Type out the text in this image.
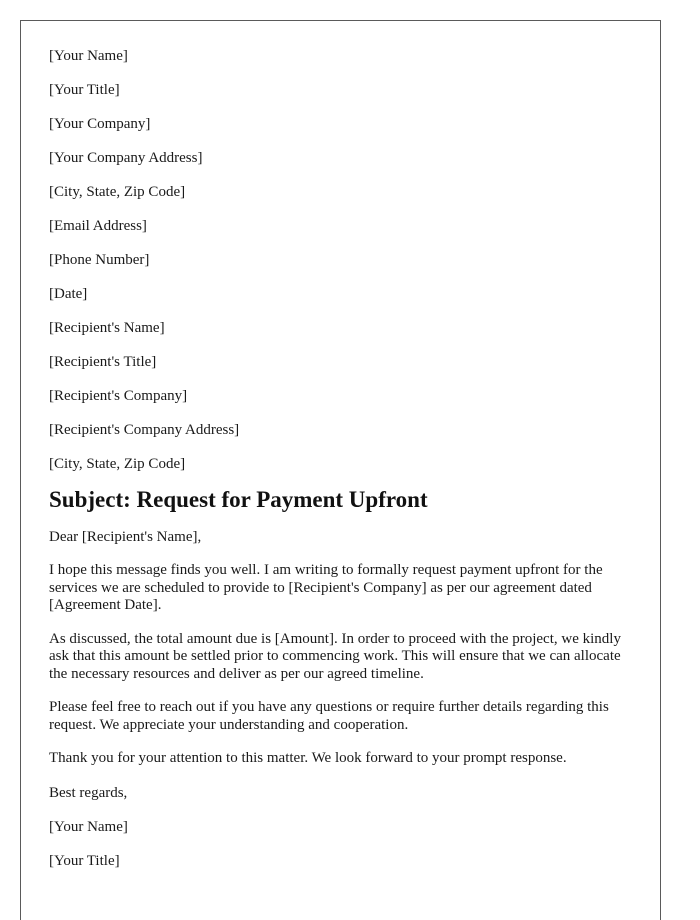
[Your Name]
[Your Title]
[Your Company]
[Your Company Address]
[City, State, Zip Code]
[Email Address]
[Phone Number]
[Date]
[Recipient's Name]
[Recipient's Title]
[Recipient's Company]
[Recipient's Company Address]
[City, State, Zip Code]
Subject: Request for Payment Upfront
Dear [Recipient's Name],

I hope this message finds you well. I am writing to formally request payment upfront for the services we are scheduled to provide to [Recipient's Company] as per our agreement dated [Agreement Date].

As discussed, the total amount due is [Amount]. In order to proceed with the project, we kindly ask that this amount be settled prior to commencing work. This will ensure that we can allocate the necessary resources and deliver as per our agreed timeline.

Please feel free to reach out if you have any questions or require further details regarding this request. We appreciate your understanding and cooperation.

Thank you for your attention to this matter. We look forward to your prompt response.

Best regards,
[Your Name]
[Your Title]
